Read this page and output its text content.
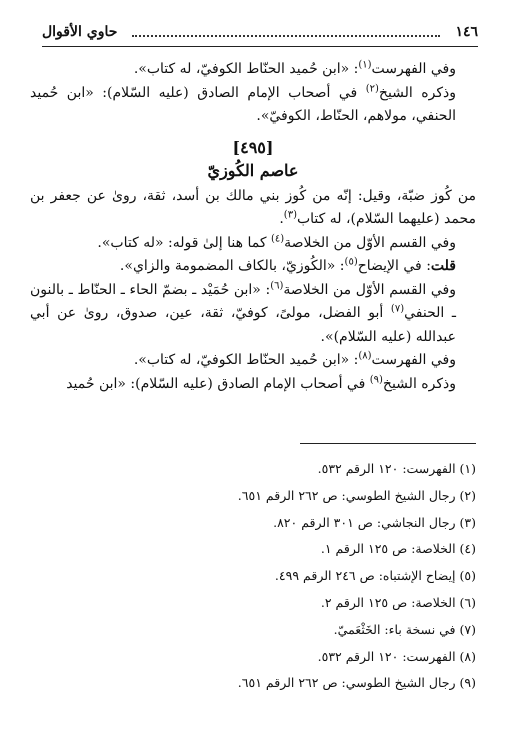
١٤٦
حاوي الأقوال

وفي الفهرست$^{(١)}$: «ابن حُميد الحنّاط الكوفيّ، له كتاب».

وذكره الشيخ$^{(٢)}$ في أصحاب الإمام الصادق (عليه السّلام): «ابن حُميد الحنفي، مولاهم، الحنّاط، الكوفيّ».

[٤٩٥]

عاصم الكُوزيّ

من كُوز ضبّة، وقيل: إنّه من كُوز بني مالك بن أسد، ثقة، روىٰ عن جعفر بن محمد (عليهما السّلام)، له كتاب$^{(٣)}$.

وفي القسم الأوّل من الخلاصة$^{(٤)}$ كما هنا إلىٰ قوله: «له كتاب».

قلت: في الإيضاح$^{(٥)}$: «الكُوزيّ، بالكاف المضمومة والزاي».

وفي القسم الأوّل من الخلاصة$^{(٦)}$: «ابن حُمَيْد ـ بضمّ الحاء ـ الحنّاط ـ بالنون ـ الحنفي$^{(٧)}$ أبو الفضل، مولىً، كوفيّ، ثقة، عين، صدوق، روىٰ عن أبي عبدالله (عليه السّلام)».

وفي الفهرست$^{(٨)}$: «ابن حُميد الحنّاط الكوفيّ، له كتاب».

وذكره الشيخ$^{(٩)}$ في أصحاب الإمام الصادق (عليه السّلام): «ابن حُميد

(١) الفهرست: ١٢٠ الرقم ٥٣٢.
(٢) رجال الشيخ الطوسي: ص ٢٦٢ الرقم ٦٥١.
(٣) رجال النجاشي: ص ٣٠١ الرقم ٨٢٠.
(٤) الخلاصة: ص ١٢٥ الرقم ١.
(٥) إيضاح الإشتباه: ص ٢٤٦ الرقم ٤٩٩.
(٦) الخلاصة: ص ١٢٥ الرقم ٢.
(٧) في نسخة باء: الخَثْعَميّ.
(٨) الفهرست: ١٢٠ الرقم ٥٣٢.
(٩) رجال الشيخ الطوسي: ص ٢٦٢ الرقم ٦٥١.
